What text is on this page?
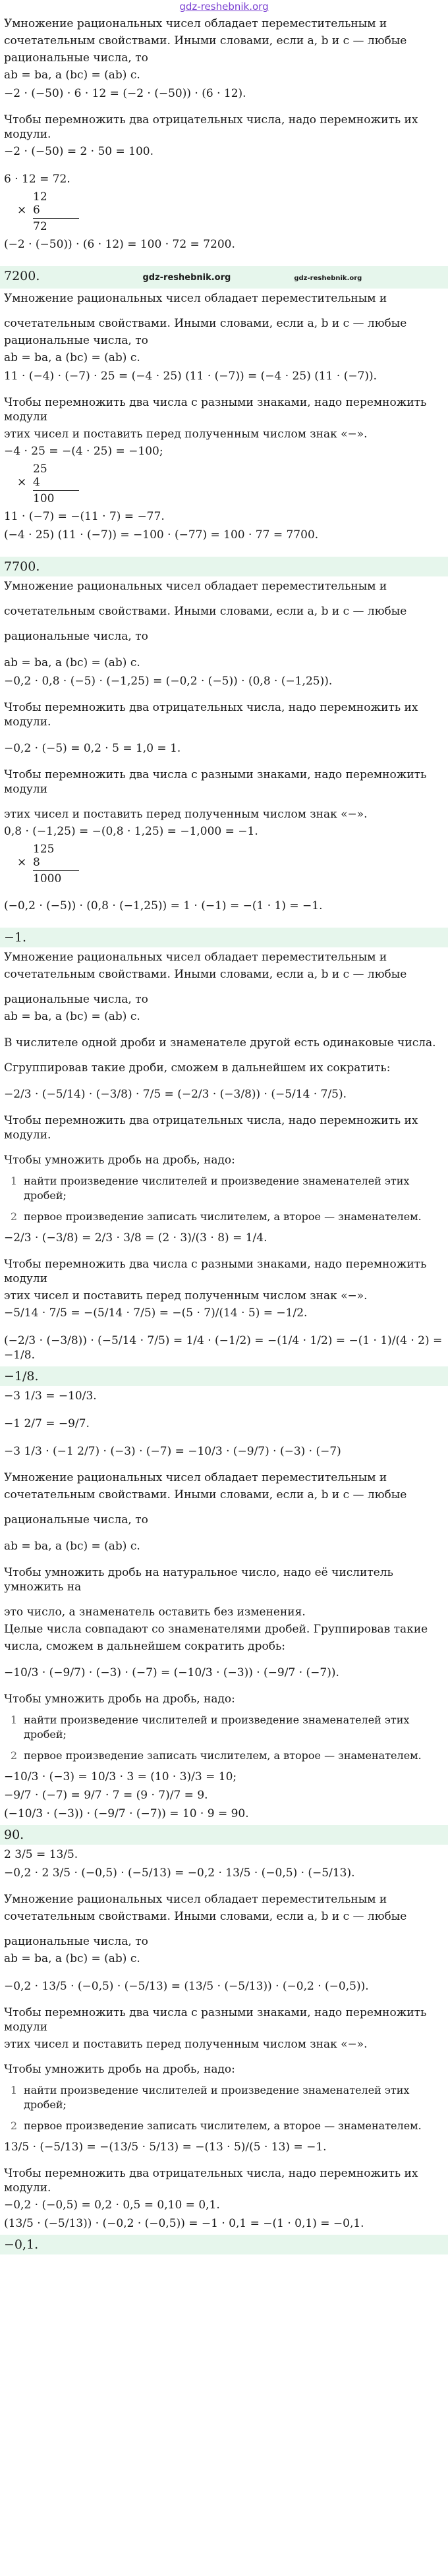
gdz-reshebnik.org
Умножение рациональных чисел обладает переместительным и
сочетательным свойствами. Иными словами, если a, b и c — любые
рациональные числа, то
ab = ba, a (bc) = (ab) c.
−2 · (−50) · 6 · 12 = (−2 · (−50)) · (6 · 12).
Чтобы перемножить два отрицательных числа, надо перемножить их модули.
−2 · (−50) = 2 · 50 = 100.
6 · 12 = 72.
12
× 6
72
(−2 · (−50)) · (6 · 12) = 100 · 72 = 7200.
7200.	gdz-reshebnik.org	gdz-reshebnik.org
Умножение рациональных чисел обладает переместительным и
сочетательным свойствами. Иными словами, если a, b и c — любые
рациональные числа, то
ab = ba, a (bc) = (ab) c.
11 · (−4) · (−7) · 25 = (−4 · 25) (11 · (−7)) = (−4 · 25) (11 · (−7)).
Чтобы перемножить два числа с разными знаками, надо перемножить модули
этих чисел и поставить перед полученным числом знак «−».
−4 · 25 = −(4 · 25) = −100;
25
× 4
100
11 · (−7) = −(11 · 7) = −77.
(−4 · 25) (11 · (−7)) = −100 · (−77) = 100 · 77 = 7700.
7700.
Умножение рациональных чисел обладает переместительным и
сочетательным свойствами. Иными словами, если a, b и c — любые
рациональные числа, то
ab = ba, a (bc) = (ab) c.
−0,2 · 0,8 · (−5) · (−1,25) = (−0,2 · (−5)) · (0,8 · (−1,25)).
Чтобы перемножить два отрицательных числа, надо перемножить их модули.
−0,2 · (−5) = 0,2 · 5 = 1,0 = 1.
Чтобы перемножить два числа с разными знаками, надо перемножить модули
этих чисел и поставить перед полученным числом знак «−».
0,8 · (−1,25) = −(0,8 · 1,25) = −1,000 = −1.
125
× 8
1000
(−0,2 · (−5)) · (0,8 · (−1,25)) = 1 · (−1) = −(1 · 1) = −1.
−1.
Умножение рациональных чисел обладает переместительным и
сочетательным свойствами. Иными словами, если a, b и c — любые
рациональные числа, то
ab = ba, a (bc) = (ab) c.
В числителе одной дроби и знаменателе другой есть одинаковые числа.
Сгруппировав такие дроби, сможем в дальнейшем их сократить:
−2/3 · (−5/14) · (−3/8) · 7/5 = (−2/3 · (−3/8)) · (−5/14 · 7/5).
Чтобы перемножить два отрицательных числа, надо перемножить их модули.
Чтобы умножить дробь на дробь, надо:
1 найти произведение числителей и произведение знаменателей этих дробей;
2 первое произведение записать числителем, а второе — знаменателем.
−2/3 · (−3/8) = 2/3 · 3/8 = (2 · 3)/(3 · 8) = 1/4.
Чтобы перемножить два числа с разными знаками, надо перемножить модули
этих чисел и поставить перед полученным числом знак «−».
−5/14 · 7/5 = −(5/14 · 7/5) = −(5 · 7)/(14 · 5) = −1/2.
(−2/3 · (−3/8)) · (−5/14 · 7/5) = 1/4 · (−1/2) = −(1/4 · 1/2) = −(1 · 1)/(4 · 2) = −1/8.
−1/8.
−3 1/3 = −10/3.
−1 2/7 = −9/7.
−3 1/3 · (−1 2/7) · (−3) · (−7) = −10/3 · (−9/7) · (−3) · (−7)
Умножение рациональных чисел обладает переместительным и
сочетательным свойствами. Иными словами, если a, b и c — любые
рациональные числа, то
ab = ba, a (bc) = (ab) c.
Чтобы умножить дробь на натуральное число, надо её числитель умножить на
это число, а знаменатель оставить без изменения.
Целые числа совпадают со знаменателями дробей. Группировав такие
числа, сможем в дальнейшем сократить дробь:
−10/3 · (−9/7) · (−3) · (−7) = (−10/3 · (−3)) · (−9/7 · (−7)).
Чтобы умножить дробь на дробь, надо:
1 найти произведение числителей и произведение знаменателей этих дробей;
2 первое произведение записать числителем, а второе — знаменателем.
−10/3 · (−3) = 10/3 · 3 = (10 · 3)/3 = 10;
−9/7 · (−7) = 9/7 · 7 = (9 · 7)/7 = 9.
(−10/3 · (−3)) · (−9/7 · (−7)) = 10 · 9 = 90.
90.
2 3/5 = 13/5.
−0,2 · 2 3/5 · (−0,5) · (−5/13) = −0,2 · 13/5 · (−0,5) · (−5/13).
Умножение рациональных чисел обладает переместительным и
сочетательным свойствами. Иными словами, если a, b и c — любые
рациональные числа, то
ab = ba, a (bc) = (ab) c.
−0,2 · 13/5 · (−0,5) · (−5/13) = (13/5 · (−5/13)) · (−0,2 · (−0,5)).
Чтобы перемножить два числа с разными знаками, надо перемножить модули
этих чисел и поставить перед полученным числом знак «−».
Чтобы умножить дробь на дробь, надо:
1 найти произведение числителей и произведение знаменателей этих дробей;
2 первое произведение записать числителем, а второе — знаменателем.
13/5 · (−5/13) = −(13/5 · 5/13) = −(13 · 5)/(5 · 13) = −1.
Чтобы перемножить два отрицательных числа, надо перемножить их модули.
−0,2 · (−0,5) = 0,2 · 0,5 = 0,10 = 0,1.
(13/5 · (−5/13)) · (−0,2 · (−0,5)) = −1 · 0,1 = −(1 · 0,1) = −0,1.
−0,1.
